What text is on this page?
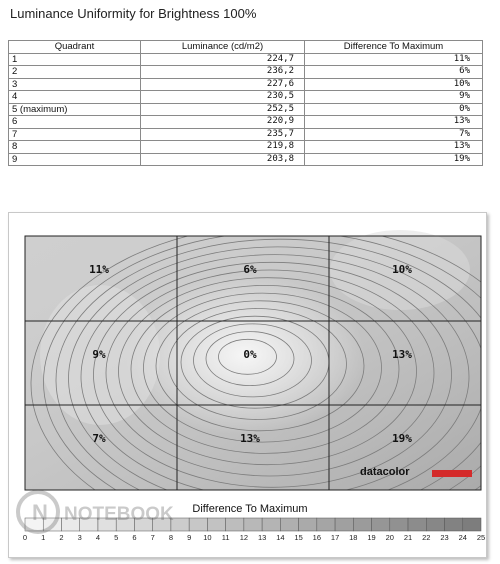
Luminance Uniformity for Brightness 100%
Quadrant	Luminance (cd/m2)	Difference To Maximum
1	224,7	11%
2	236,2	6%
3	227,6	10%
4	230,5	9%
5 (maximum)	252,5	0%
6	220,9	13%
7	235,7	7%
8	219,8	13%
9	203,8	19%
11%	6%	10%
9%	0%	13%
7%	13%	19%
Difference To Maximum
0 1 2 3 4 5 6 7 8 9 10 11 12 13 14 15 16 17 18 19 20 21 22 23 24 25
N NOTEBOOK
datacolor
